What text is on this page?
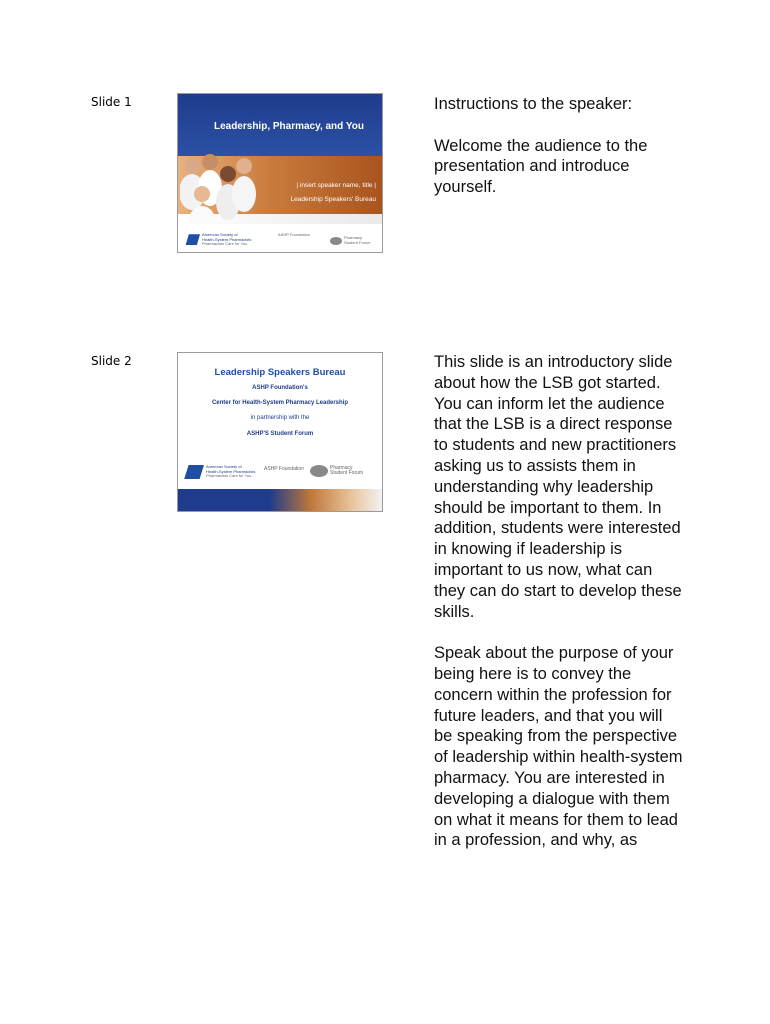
Slide 1
Leadership, Pharmacy, and You
| insert speaker name, title |
Leadership Speakers' Bureau
American Society of
Health-System Pharmacists
Pharmacists Care for You
ASHP Foundation
Pharmacy
Student Forum

Instructions to the speaker:

Welcome the audience to the presentation and introduce yourself.

Slide 2
Leadership Speakers Bureau
ASHP Foundation's
Center for Health-System Pharmacy Leadership
in partnership with the
ASHP'S Student Forum
American Society of
Health-System Pharmacists
Pharmacists Care for You
ASHP Foundation	Pharmacy
Student Forum

This slide is an introductory slide about how the LSB got started. You can inform let the audience that the LSB is a direct response to students and new practitioners asking us to assists them in understanding why leadership should be important to them. In addition, students were interested in knowing if leadership is important to us now, what can they can do start to develop these skills.

Speak about the purpose of your being here is to convey the concern within the profession for future leaders, and that you will be speaking from the perspective of leadership within health-system pharmacy. You are interested in developing a dialogue with them on what it means for them to lead in a profession, and why, as
